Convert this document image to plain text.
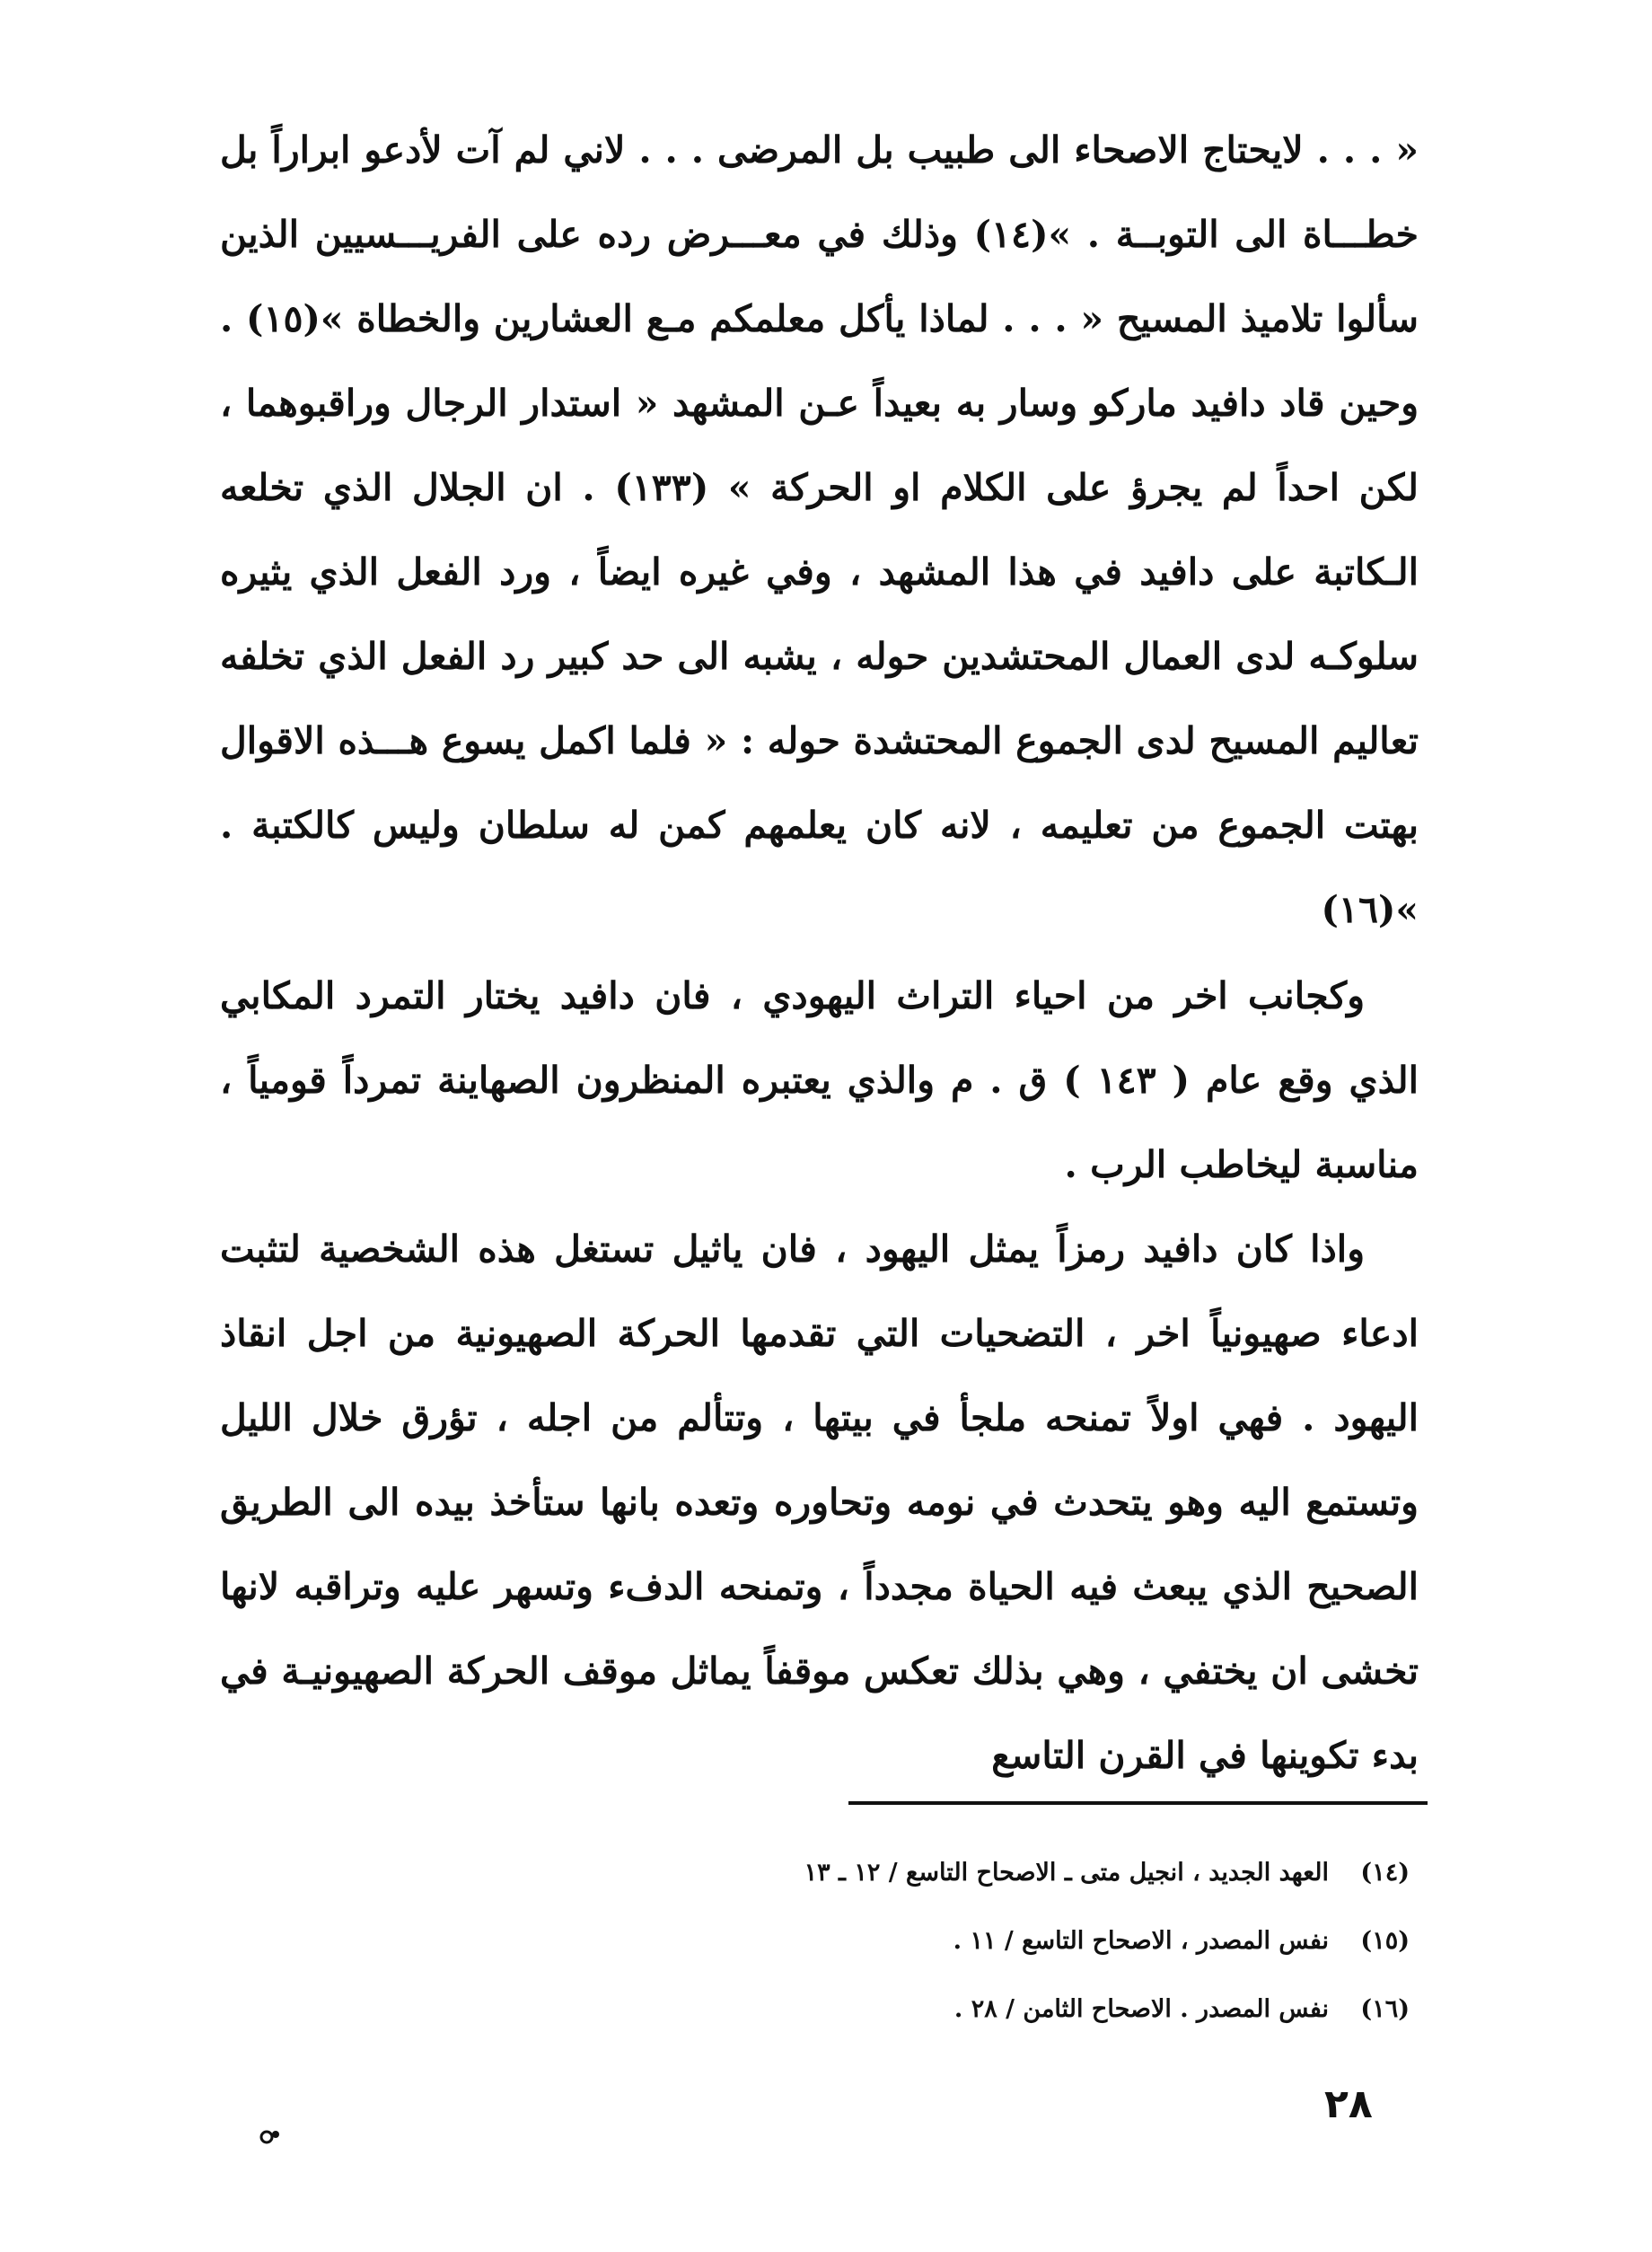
« . . . لايحتاج الاصحاء الى طبيب بل المرضى . . . لاني لم آت لأدعو ابراراً بل خطـــاة الى التوبــة . »(١٤) وذلك في معـــرض رده على الفريـــسيين الذين سألوا تلاميذ المسيح « . . . لماذا يأكل معلمكم مـع العشارين والخطاة »(١٥) . وحين قاد دافيد ماركو وسار به بعيداً عـن المشهد « استدار الرجال وراقبوهما ، لكن احداً لم يجرؤ على الكلام او الحركة » (١٣٣) . ان الجلال الذي تخلعه الـكاتبة على دافيد في هذا المشهد ، وفي غيره ايضاً ، ورد الفعل الذي يثيره سلوكـه لدى العمال المحتشدين حوله ، يشبه الى حد كبير رد الفعل الذي تخلفه تعاليم المسيح لدى الجموع المحتشدة حوله : « فلما اكمل يسوع هـــذه الاقوال بهتت الجموع من تعليمه ، لانه كان يعلمهم كمن له سلطان وليس كالكتبة . »(١٦)
وكجانب اخر من احياء التراث اليهودي ، فان دافيد يختار التمرد المكابي الذي وقع عام ( ١٤٣ ) ق . م والذي يعتبره المنظرون الصهاينة تمرداً قومياً ، مناسبة ليخاطب الرب .
واذا كان دافيد رمزاً يمثل اليهود ، فان ياثيل تستغل هذه الشخصية لتثبت ادعاء صهيونياً اخر ، التضحيات التي تقدمها الحركة الصهيونية من اجل انقاذ اليهود . فهي اولاً تمنحه ملجأ في بيتها ، وتتألم من اجله ، تؤرق خلال الليل وتستمع اليه وهو يتحدث في نومه وتحاوره وتعده بانها ستأخذ بيده الى الطريق الصحيح الذي يبعث فيه الحياة مجدداً ، وتمنحه الدفء وتسهر عليه وتراقبه لانها تخشى ان يختفي ، وهي بذلك تعكس موقفاً يماثل موقف الحركة الصهيونيـة في بدء تكوينها في القرن التاسع
(١٤)
العهد الجديد ، انجيل متى ـ الاصحاح التاسع / ١٢ ـ ١٣
(١٥)
نفس المصدر ، الاصحاح التاسع / ١١ .
(١٦)
نفس المصدر . الاصحاح الثامن / ٢٨ .
٢٨
